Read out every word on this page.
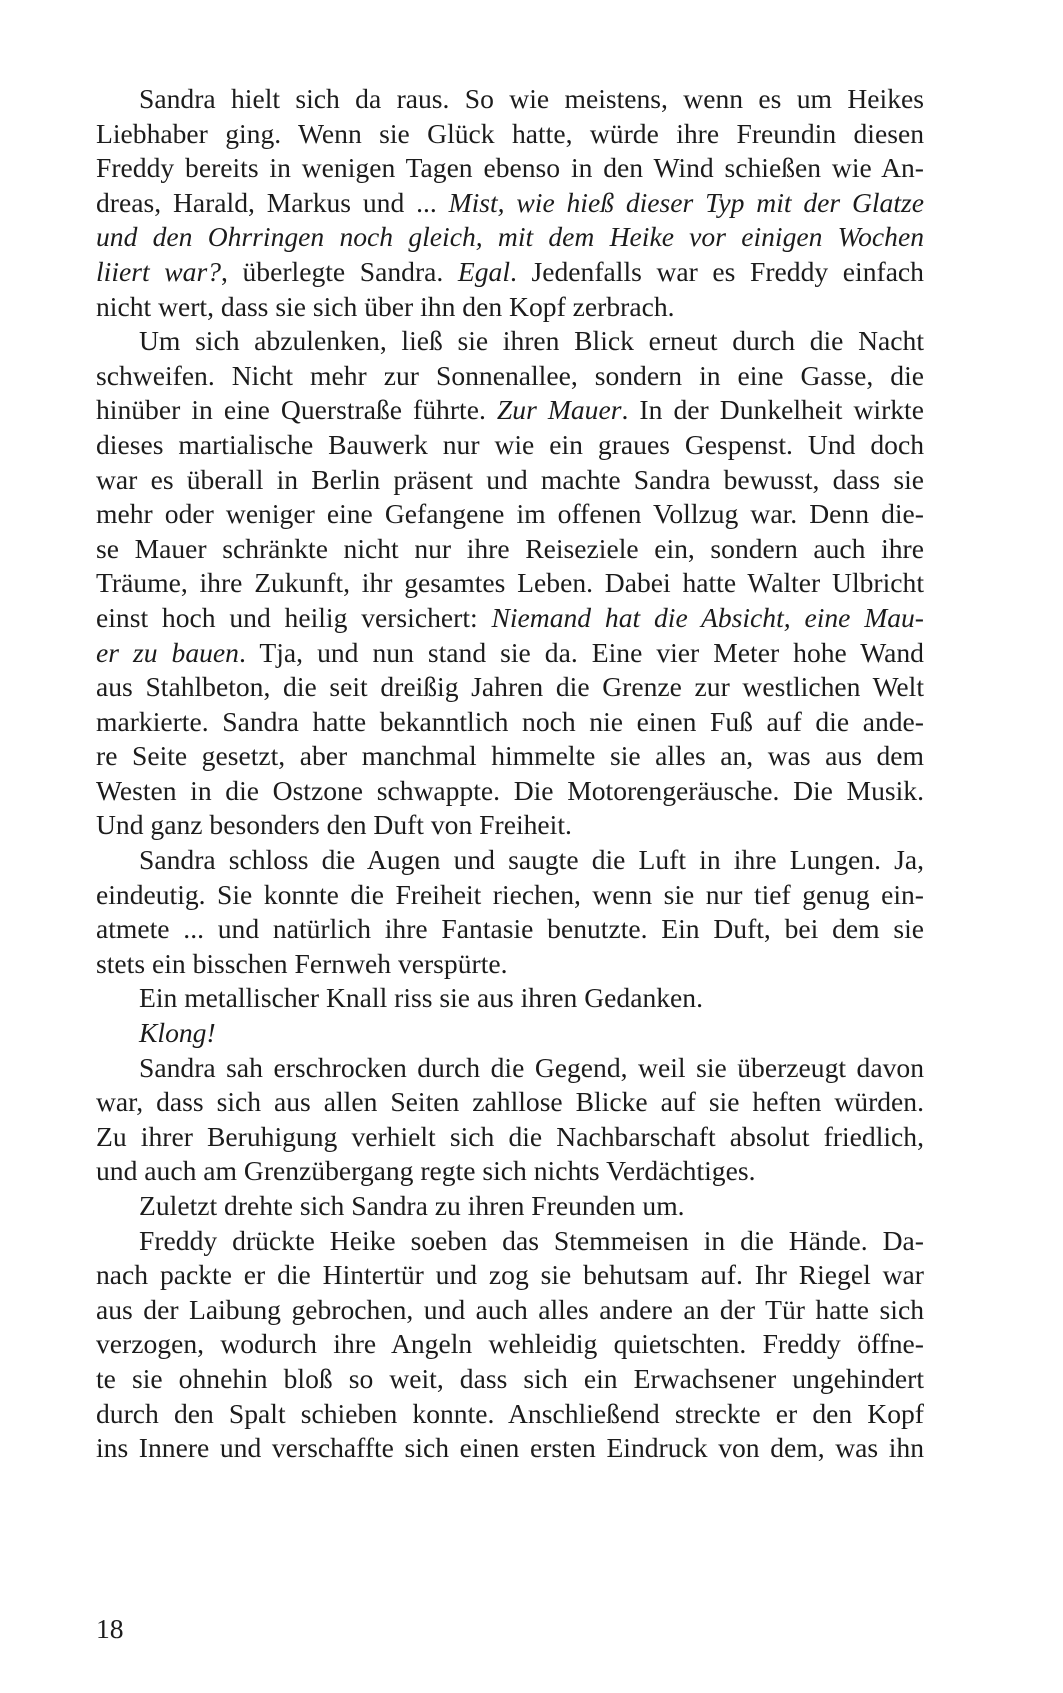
Sandra hielt sich da raus. So wie meistens, wenn es um Heikes
Liebhaber ging. Wenn sie Glück hatte, würde ihre Freundin diesen
Freddy bereits in wenigen Tagen ebenso in den Wind schießen wie An-
dreas, Harald, Markus und ... Mist, wie hieß dieser Typ mit der Glatze
und den Ohrringen noch gleich, mit dem Heike vor einigen Wochen
liiert war?, überlegte Sandra. Egal. Jedenfalls war es Freddy einfach
nicht wert, dass sie sich über ihn den Kopf zerbrach.
Um sich abzulenken, ließ sie ihren Blick erneut durch die Nacht
schweifen. Nicht mehr zur Sonnenallee, sondern in eine Gasse, die
hinüber in eine Querstraße führte. Zur Mauer. In der Dunkelheit wirkte
dieses martialische Bauwerk nur wie ein graues Gespenst. Und doch
war es überall in Berlin präsent und machte Sandra bewusst, dass sie
mehr oder weniger eine Gefangene im offenen Vollzug war. Denn die-
se Mauer schränkte nicht nur ihre Reiseziele ein, sondern auch ihre
Träume, ihre Zukunft, ihr gesamtes Leben. Dabei hatte Walter Ulbricht
einst hoch und heilig versichert: Niemand hat die Absicht, eine Mau-
er zu bauen. Tja, und nun stand sie da. Eine vier Meter hohe Wand
aus Stahlbeton, die seit dreißig Jahren die Grenze zur westlichen Welt
markierte. Sandra hatte bekanntlich noch nie einen Fuß auf die ande-
re Seite gesetzt, aber manchmal himmelte sie alles an, was aus dem
Westen in die Ostzone schwappte. Die Motorengeräusche. Die Musik.
Und ganz besonders den Duft von Freiheit.
Sandra schloss die Augen und saugte die Luft in ihre Lungen. Ja,
eindeutig. Sie konnte die Freiheit riechen, wenn sie nur tief genug ein-
atmete ... und natürlich ihre Fantasie benutzte. Ein Duft, bei dem sie
stets ein bisschen Fernweh verspürte.
Ein metallischer Knall riss sie aus ihren Gedanken.
Klong!
Sandra sah erschrocken durch die Gegend, weil sie überzeugt davon
war, dass sich aus allen Seiten zahllose Blicke auf sie heften würden.
Zu ihrer Beruhigung verhielt sich die Nachbarschaft absolut friedlich,
und auch am Grenzübergang regte sich nichts Verdächtiges.
Zuletzt drehte sich Sandra zu ihren Freunden um.
Freddy drückte Heike soeben das Stemmeisen in die Hände. Da-
nach packte er die Hintertür und zog sie behutsam auf. Ihr Riegel war
aus der Laibung gebrochen, und auch alles andere an der Tür hatte sich
verzogen, wodurch ihre Angeln wehleidig quietschten. Freddy öffne-
te sie ohnehin bloß so weit, dass sich ein Erwachsener ungehindert
durch den Spalt schieben konnte. Anschließend streckte er den Kopf
ins Innere und verschaffte sich einen ersten Eindruck von dem, was ihn
18
